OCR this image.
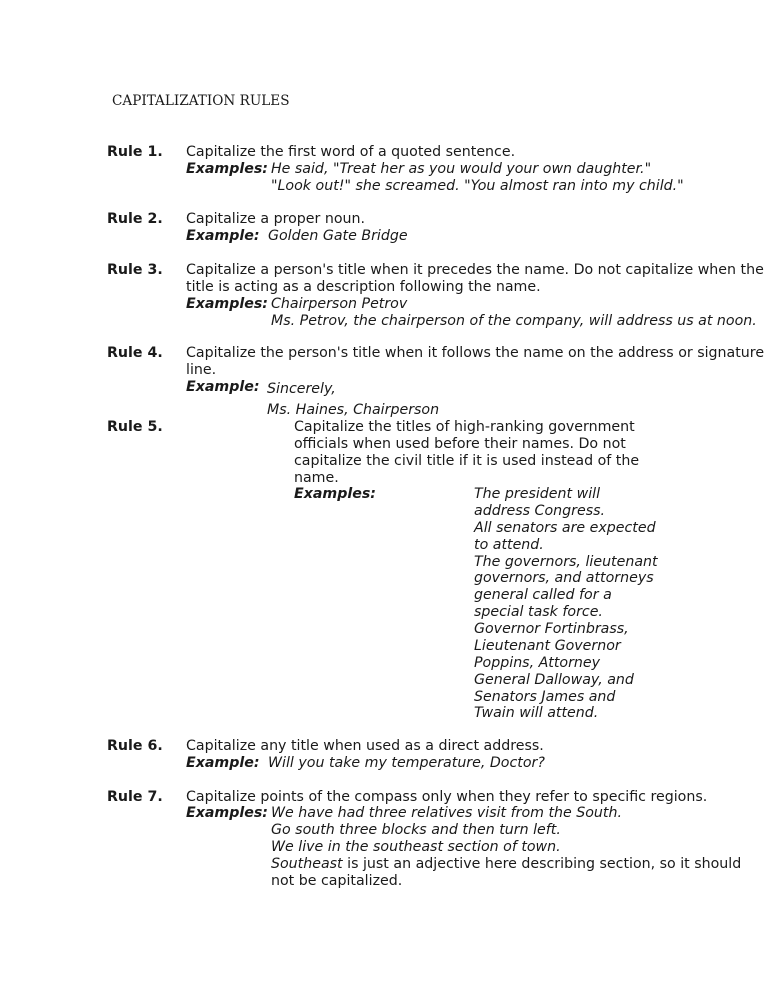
CAPITALIZATION RULES
Rule 1. Capitalize the first word of a quoted sentence.
Examples: He said, "Treat her as you would your own daughter."
"Look out!" she screamed. "You almost ran into my child."
Rule 2. Capitalize a proper noun.
Example: Golden Gate Bridge
Rule 3. Capitalize a person's title when it precedes the name. Do not capitalize when the
title is acting as a description following the name.
Examples: Chairperson Petrov
Ms. Petrov, the chairperson of the company, will address us at noon.
Rule 4. Capitalize the person's title when it follows the name on the address or signature
line.
Example: Sincerely,
Ms. Haines, Chairperson
Rule 5.	Capitalize the titles of high-ranking government
officials when used before their names. Do not
capitalize the civil title if it is used instead of the
name.
Examples:	The president will
address Congress.
All senators are expected
to attend.
The governors, lieutenant
governors, and attorneys
general called for a
special task force.
Governor Fortinbrass,
Lieutenant Governor
Poppins, Attorney
General Dalloway, and
Senators James and
Twain will attend.
Rule 6. Capitalize any title when used as a direct address.
Example: Will you take my temperature, Doctor?
Rule 7. Capitalize points of the compass only when they refer to specific regions.
Examples: We have had three relatives visit from the South.
Go south three blocks and then turn left.
We live in the southeast section of town.
Southeast is just an adjective here describing section, so it should
not be capitalized.
